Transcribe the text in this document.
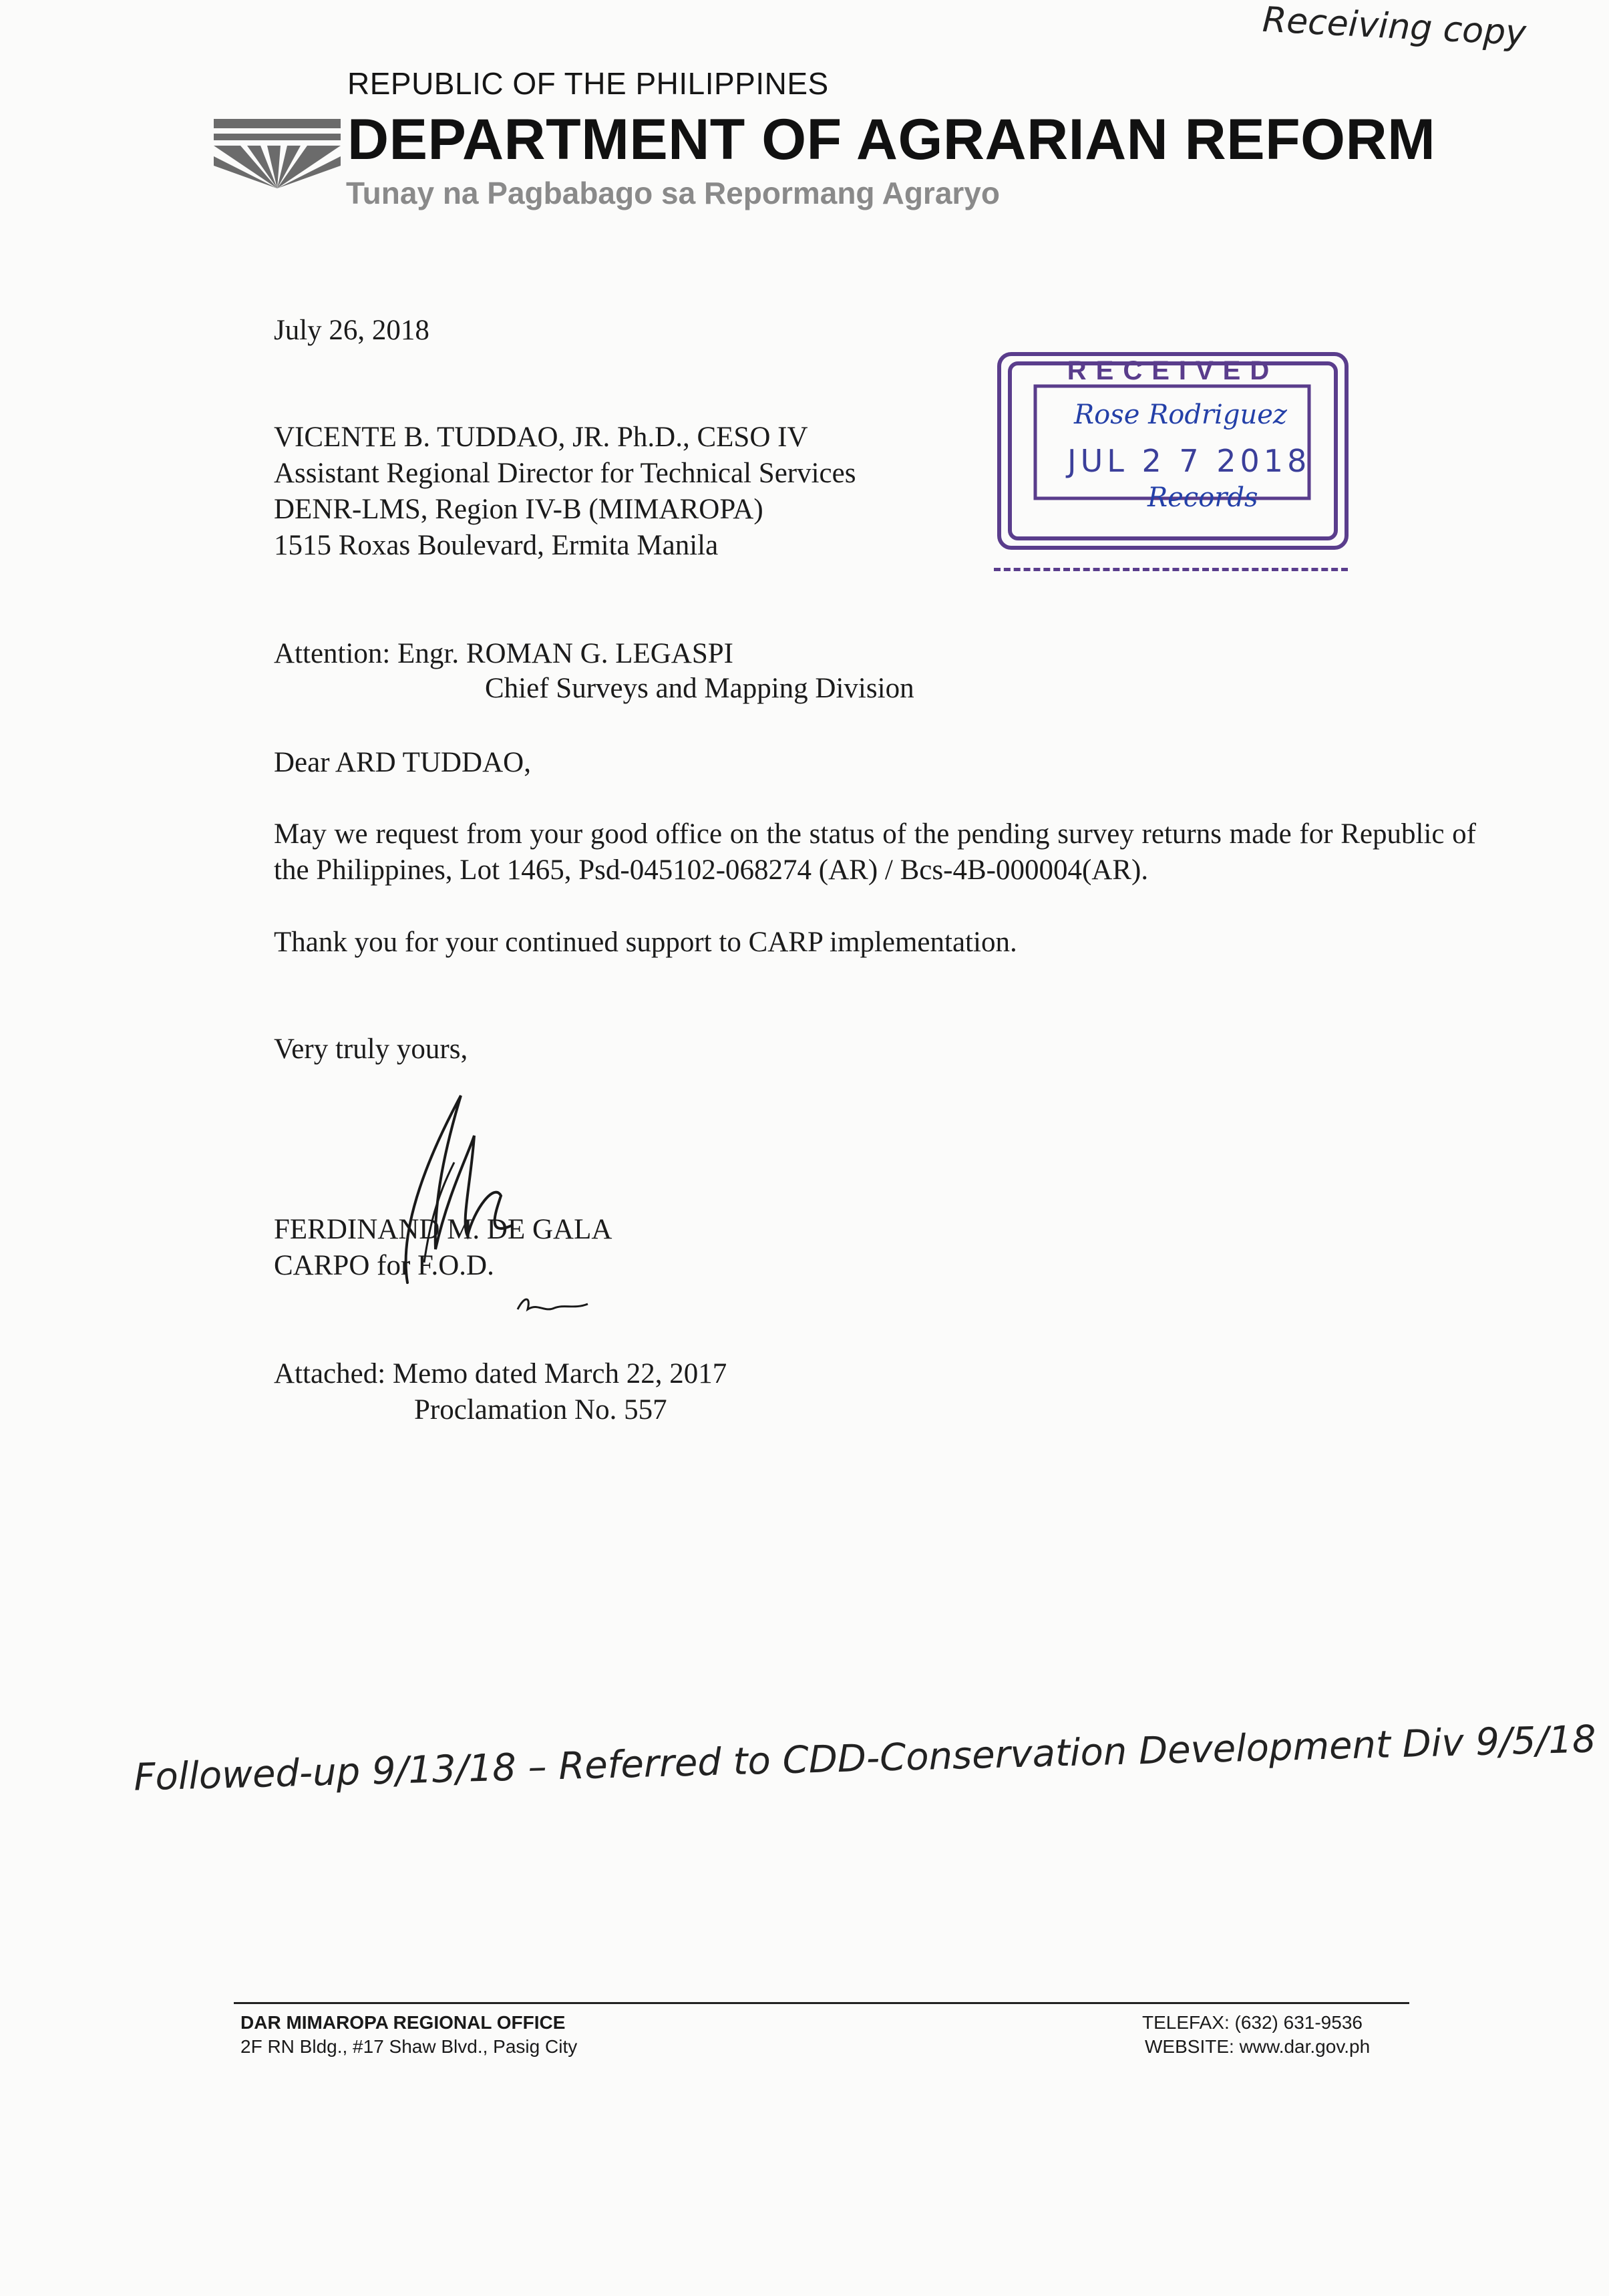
Receiving copy
REPUBLIC OF THE PHILIPPINES
DEPARTMENT OF AGRARIAN REFORM
Tunay na Pagbabago sa Repormang Agraryo
July 26, 2018
RECEIVED
Rose Rodriguez
JUL 2 7 2018
Records
VICENTE B. TUDDAO, JR. Ph.D., CESO IV
Assistant Regional Director for Technical Services
DENR-LMS, Region IV-B (MIMAROPA)
1515 Roxas Boulevard, Ermita Manila
Attention: Engr. ROMAN G. LEGASPI
Chief Surveys and Mapping Division
Dear ARD TUDDAO,
May we request from your good office on the status of the pending survey returns made for Republic of the Philippines, Lot 1465, Psd-045102-068274 (AR) / Bcs-4B-000004(AR).
Thank you for your continued support to CARP implementation.
Very truly yours,
FERDINAND M. DE GALA
CARPO for F.O.D.
Attached: Memo dated March 22, 2017
Proclamation No. 557
Followed-up 9/13/18 – Referred to CDD-Conservation Development Div 9/5/18
DAR MIMAROPA REGIONAL OFFICE
2F RN Bldg., #17 Shaw Blvd., Pasig City
TELEFAX: (632) 631-9536
WEBSITE: www.dar.gov.ph
